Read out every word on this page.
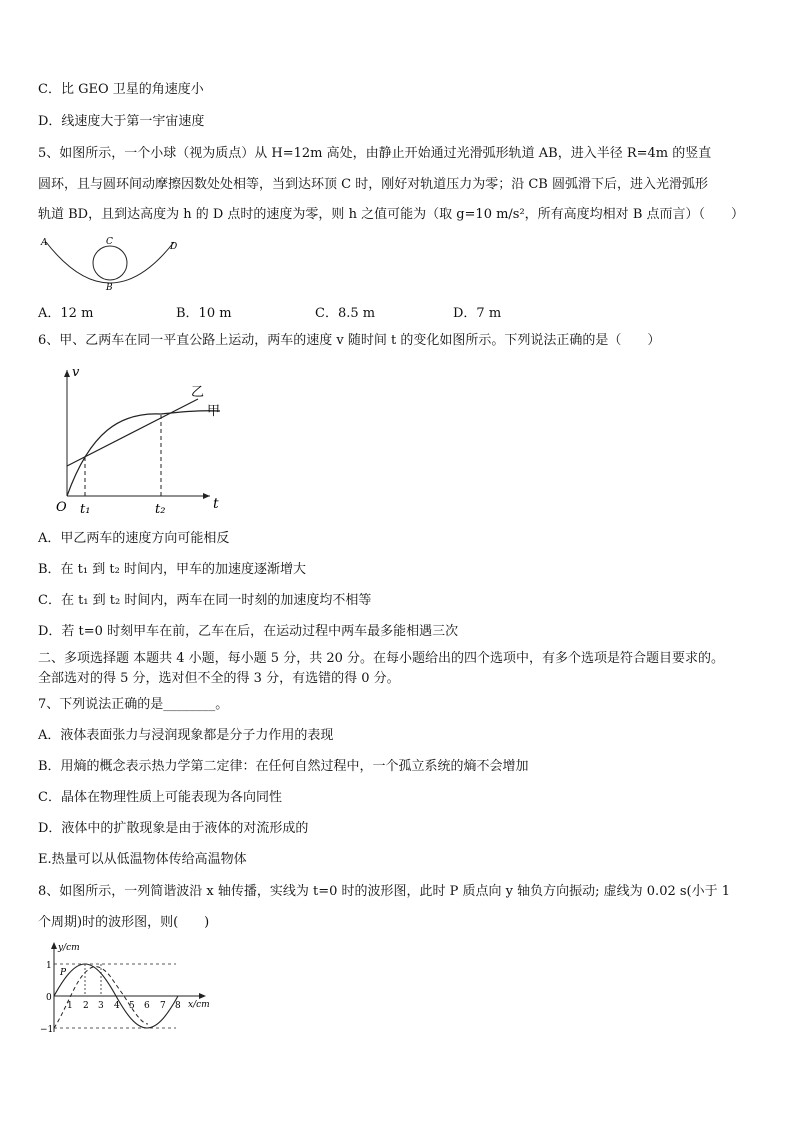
C．比 GEO 卫星的角速度小
D．线速度大于第一宇宙速度
5、如图所示，一个小球（视为质点）从 H=12m 高处，由静止开始通过光滑弧形轨道 AB，进入半径 R=4m 的竖直
圆环，且与圆环间动摩擦因数处处相等，当到达环顶 C 时，刚好对轨道压力为零；沿 CB 圆弧滑下后，进入光滑弧形
轨道 BD，且到达高度为 h 的 D 点时的速度为零，则 h 之值可能为（取 g=10 m/s²，所有高度均相对 B 点而言）（　　）
A	C	D
B
A．12 m	B．10 m	C．8.5 m	D．7 m
6、甲、乙两车在同一平直公路上运动，两车的速度 v 随时间 t 的变化如图所示。下列说法正确的是（　　）
v
t
O t₁	t₂
乙
甲
A．甲乙两车的速度方向可能相反
B．在 t₁ 到 t₂ 时间内，甲车的加速度逐渐增大
C．在 t₁ 到 t₂ 时间内，两车在同一时刻的加速度均不相等
D．若 t=0 时刻甲车在前，乙车在后，在运动过程中两车最多能相遇三次
二、多项选择题 本题共 4 小题，每小题 5 分，共 20 分。在每小题给出的四个选项中，有多个选项是符合题目要求的。
全部选对的得 5 分，选对但不全的得 3 分，有选错的得 0 分。
7、下列说法正确的是________。
A．液体表面张力与浸润现象都是分子力作用的表现
B．用熵的概念表示热力学第二定律：在任何自然过程中，一个孤立系统的熵不会增加
C．晶体在物理性质上可能表现为各向同性
D．液体中的扩散现象是由于液体的对流形成的
E.热量可以从低温物体传给高温物体
8、如图所示，一列简谐波沿 x 轴传播，实线为 t=0 时的波形图，此时 P 质点向 y 轴负方向振动; 虚线为 0.02 s(小于 1
个周期)时的波形图，则(　　)
y/cm
x/cm
P
1
0
−1
1 2 3 4 5 6 7 8
